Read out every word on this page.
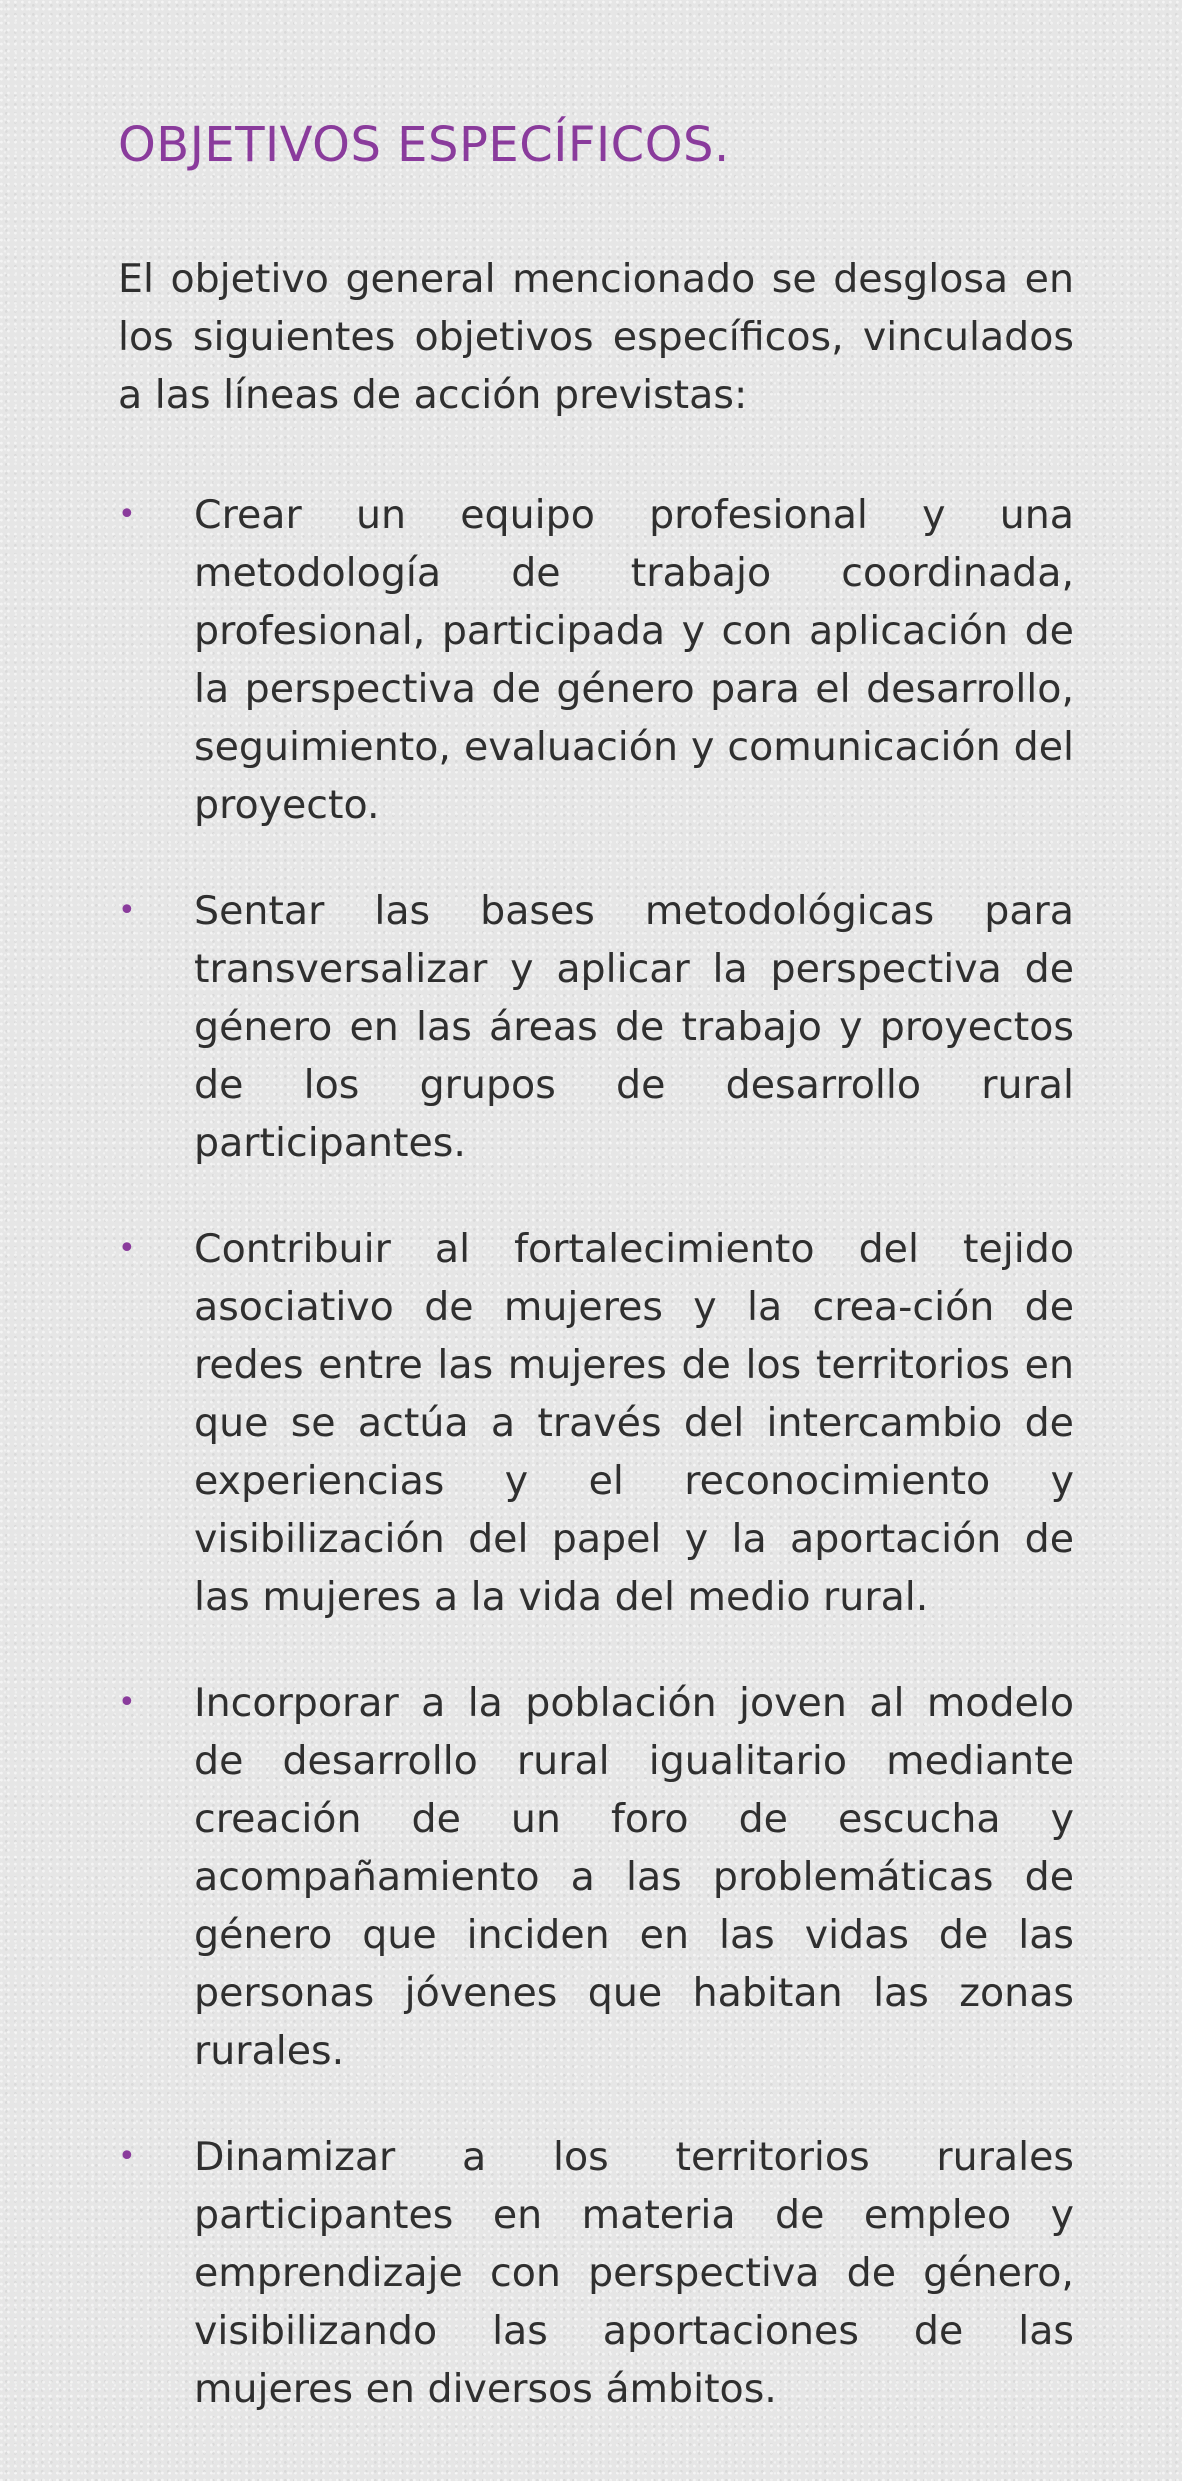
OBJETIVOS ESPECÍFICOS.

El objetivo general mencionado se desglosa en los siguientes objetivos específicos, vinculados a las líneas de acción previstas:

• Crear un equipo profesional y una metodología de trabajo coordinada, profesional, participada y con aplicación de la perspectiva de género para el desarrollo, seguimiento, evaluación y comunicación del proyecto.
• Sentar las bases metodológicas para transversalizar y aplicar la perspectiva de género en las áreas de trabajo y proyectos de los grupos de desarrollo rural participantes.
• Contribuir al fortalecimiento del tejido asociativo de mujeres y la crea-ción de redes entre las mujeres de los territorios en que se actúa a través del intercambio de experiencias y el reconocimiento y visibilización del papel y la aportación de las mujeres a la vida del medio rural.
• Incorporar a la población joven al modelo de desarrollo rural igualitario mediante creación de un foro de escucha y acompañamiento a las problemáticas de género que inciden en las vidas de las personas jóvenes que habitan las zonas rurales.
• Dinamizar a los territorios rurales participantes en materia de empleo y emprendizaje con perspectiva de género, visibilizando las aportaciones de las mujeres en diversos ámbitos.
